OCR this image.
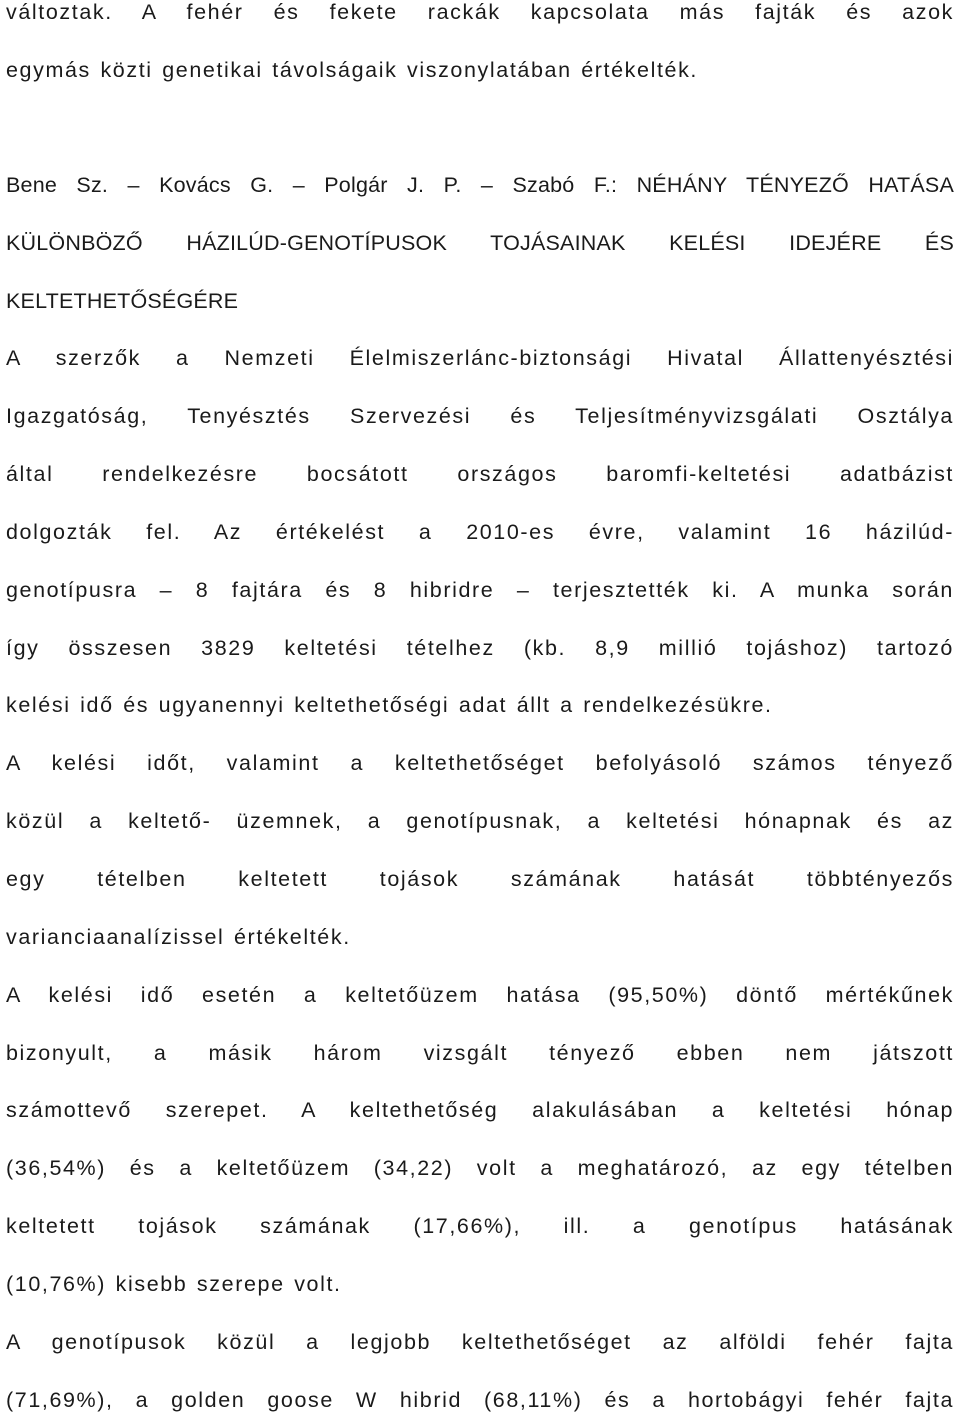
változtak. A fehér és fekete rackák kapcsolata más fajták és azok
egymás közti genetikai távolságaik viszonylatában értékelték.
Bene Sz. – Kovács G. – Polgár J. P. – Szabó F.: NÉHÁNY TÉNYEZŐ HATÁSA
KÜLÖNBÖZŐ HÁZILÚD-GENOTÍPUSOK TOJÁSAINAK KELÉSI IDEJÉRE ÉS
KELTETHETŐSÉGÉRE
A szerzők a Nemzeti Élelmiszerlánc-biztonsági Hivatal Állattenyésztési
Igazgatóság, Tenyésztés Szervezési és Teljesítményvizsgálati Osztálya
által rendelkezésre bocsátott országos baromfi-keltetési adatbázist
dolgozták fel. Az értékelést a 2010-es évre, valamint 16 házilúd-
genotípusra – 8 fajtára és 8 hibridre – terjesztették ki. A munka során
így összesen 3829 keltetési tételhez (kb. 8,9 millió tojáshoz) tartozó
kelési idő és ugyanennyi keltethetőségi adat állt a rendelkezésükre.
A kelési időt, valamint a keltethetőséget befolyásoló számos tényező
közül a keltető- üzemnek, a genotípusnak, a keltetési hónapnak és az
egy tételben keltetett tojások számának hatását többtényezős
varianciaanalízissel értékelték.
A kelési idő esetén a keltetőüzem hatása (95,50%) döntő mértékűnek
bizonyult, a másik három vizsgált tényező ebben nem játszott
számottevő szerepet. A keltethetőség alakulásában a keltetési hónap
(36,54%) és a keltetőüzem (34,22) volt a meghatározó, az egy tételben
keltetett tojások számának (17,66%), ill. a genotípus hatásának
(10,76%) kisebb szerepe volt.
A genotípusok közül a legjobb keltethetőséget az alföldi fehér fajta
(71,69%), a golden goose W hibrid (68,11%) és a hortobágyi fehér fajta
